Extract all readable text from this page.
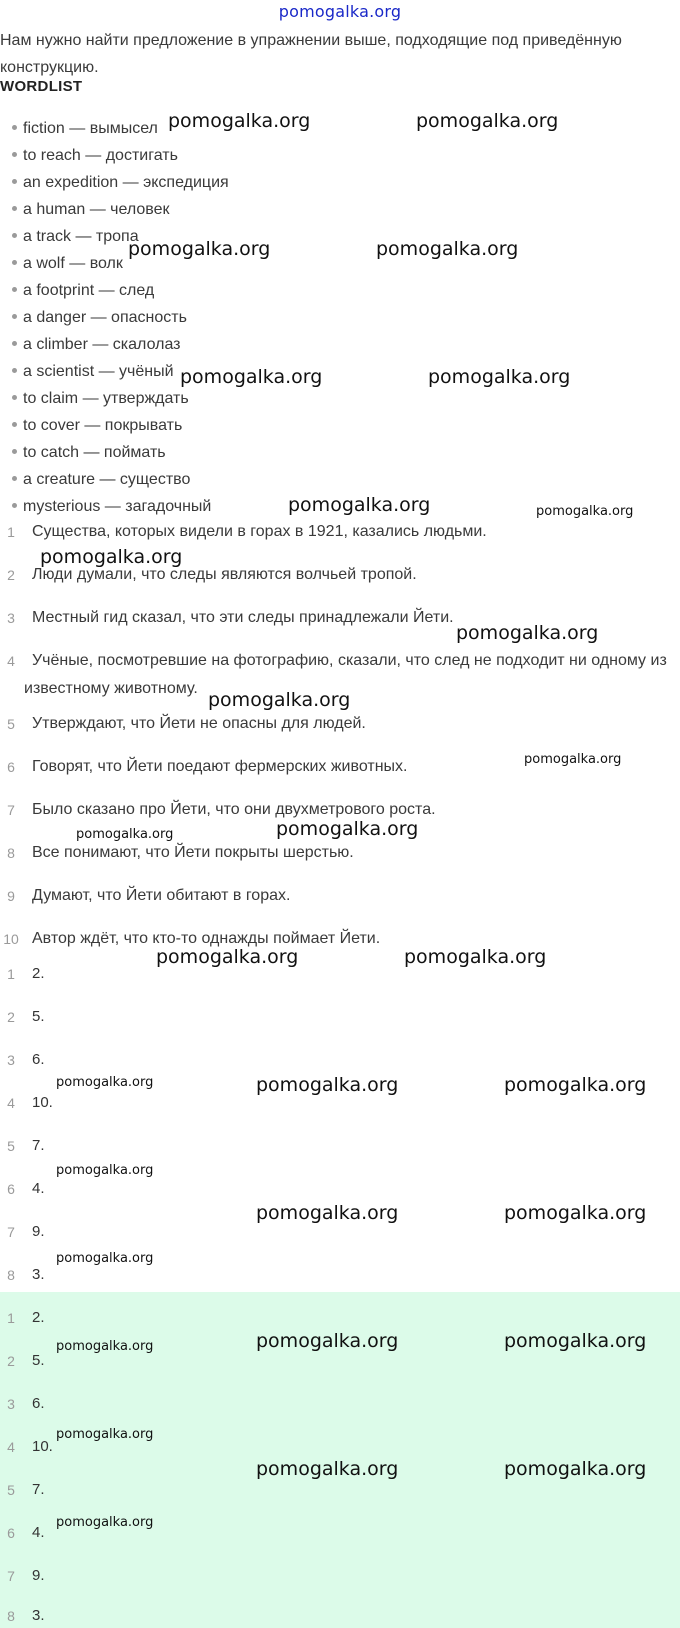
pomogalka.org

Нам нужно найти предложение в упражнении выше, подходящие под приведённую конструкцию.

WORDLIST
fiction — вымысел
to reach — достигать
an expedition — экспедиция
a human — человек
a track — тропа
a wolf — волк
a footprint — след
a danger — опасность
a climber — скалолаз
a scientist — учёный
to claim — утверждать
to cover — покрывать
to catch — поймать
a creature — существо
mysterious — загадочный
1	Существа, которых видели в горах в 1921, казались людьми.
2	Люди думали, что следы являются волчьей тропой.
3	Местный гид сказал, что эти следы принадлежали Йети.
4	Учёные, посмотревшие на фотографию, сказали, что след не подходит ни одному из
известному животному.
5	Утверждают, что Йети не опасны для людей.
6	Говорят, что Йети поедают фермерских животных.
7	Было сказано про Йети, что они двухметрового роста.
8	Все понимают, что Йети покрыты шерстью.
9	Думают, что Йети обитают в горах.
10 Автор ждёт, что кто-то однажды поймает Йети.
1	2.
2	5.
3	6.
4	10.
5	7.
6	4.
7	9.
8	3.
1	2.
2	5.
3	6.
4	10.
5	7.
6	4.
7	9.
8	3.
pomogalka.org	pomogalka.org
pomogalka.org	pomogalka.org
pomogalka.org	pomogalka.org
pomogalka.org	pomogalka.org
pomogalka.org
pomogalka.org
pomogalka.org
pomogalka.org
pomogalka.org	pomogalka.org
pomogalka.org	pomogalka.org
pomogalka.org	pomogalka.org	pomogalka.org
pomogalka.org
pomogalka.org	pomogalka.org
pomogalka.org
pomogalka.org	pomogalka.org	pomogalka.org
pomogalka.org
pomogalka.org	pomogalka.org
pomogalka.org
